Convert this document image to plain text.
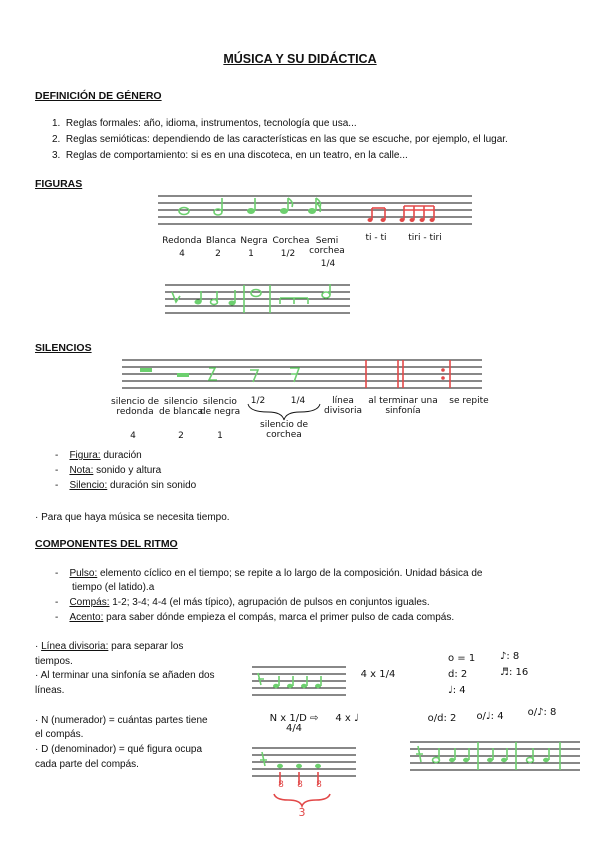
MÚSICA Y SU DIDÁCTICA
DEFINICIÓN DE GÉNERO
1. Reglas formales: año, idioma, instrumentos, tecnología que usa...
2. Reglas semióticas: dependiendo de las características en las que se escuche, por ejemplo, el lugar.
3. Reglas de comportamiento: si es en una discoteca, en un teatro, en la calle...
FIGURAS
Redonda
4
Blanca
2
Negra
1
Corchea
1/2
Semi corchea
1/4
ti - ti	tiri - tiri
SILENCIOS
silencio de redonda
4
silencio de blanca
2
silencio de negra
1
1/2	1/4
silencio de corchea
línea divisoria
al terminar una sinfonía
se repite
-    Figura: duración
-    Nota: sonido y altura
-    Silencio: duración sin sonido
· Para que haya música se necesita tiempo.
COMPONENTES DEL RITMO
-    Pulso: elemento cíclico en el tiempo; se repite a lo largo de la composición. Unidad básica de
tiempo (el latido).a
-    Compás: 1-2; 3-4; 4-4 (el más típico), agrupación de pulsos en conjuntos iguales.
-    Acento: para saber dónde empieza el compás, marca el primer pulso de cada compás.
· Línea divisoria: para separar los
tiempos.
· Al terminar una sinfonía se añaden dos
líneas.
· N (numerador) = cuántas partes tiene
el compás.
· D (denominador) = qué figura ocupa
cada parte del compás.
4 x 1/4
N x 1/D ⇨ 4/4
4 x ♩
o = 1
d: 2
♩: 4
♪: 8
♬: 16
o/d: 2	o/♩: 4	o/♪: 8
8 8 8
3
